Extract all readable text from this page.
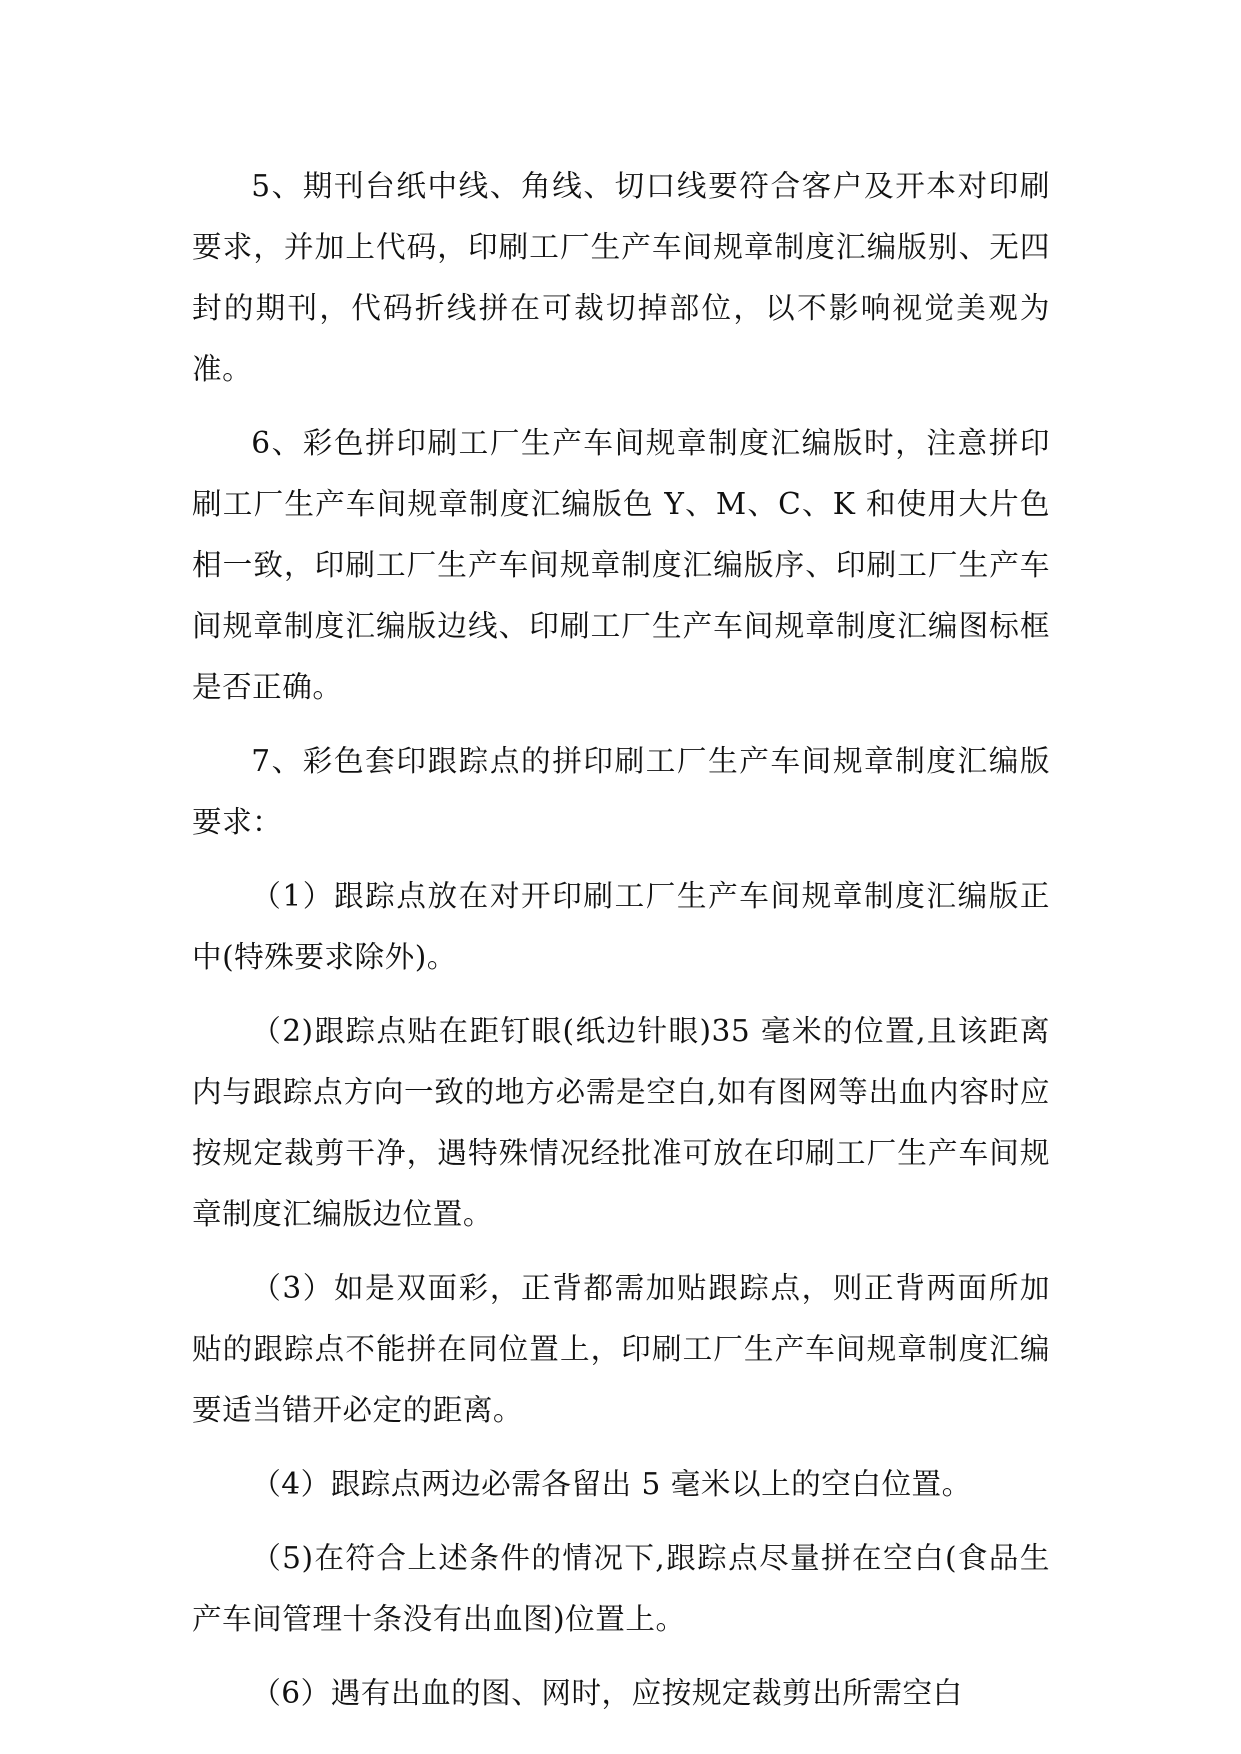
5、期刊台纸中线、角线、切口线要符合客户及开本对印刷要求，并加上代码，印刷工厂生产车间规章制度汇编版别、无四封的期刊，代码折线拼在可裁切掉部位，以不影响视觉美观为准。

6、彩色拼印刷工厂生产车间规章制度汇编版时，注意拼印刷工厂生产车间规章制度汇编版色 Y、M、C、K 和使用大片色相一致，印刷工厂生产车间规章制度汇编版序、印刷工厂生产车间规章制度汇编版边线、印刷工厂生产车间规章制度汇编图标框是否正确。

7、彩色套印跟踪点的拼印刷工厂生产车间规章制度汇编版要求：

（1）跟踪点放在对开印刷工厂生产车间规章制度汇编版正中(特殊要求除外)。

（2)跟踪点贴在距钉眼(纸边针眼)35 毫米的位置,且该距离内与跟踪点方向一致的地方必需是空白,如有图网等出血内容时应按规定裁剪干净，遇特殊情况经批准可放在印刷工厂生产车间规章制度汇编版边位置。

（3）如是双面彩，正背都需加贴跟踪点，则正背两面所加贴的跟踪点不能拼在同位置上，印刷工厂生产车间规章制度汇编要适当错开必定的距离。

（4）跟踪点两边必需各留出 5 毫米以上的空白位置。

（5)在符合上述条件的情况下,跟踪点尽量拼在空白(食品生产车间管理十条没有出血图)位置上。

（6）遇有出血的图、网时，应按规定裁剪出所需空白
